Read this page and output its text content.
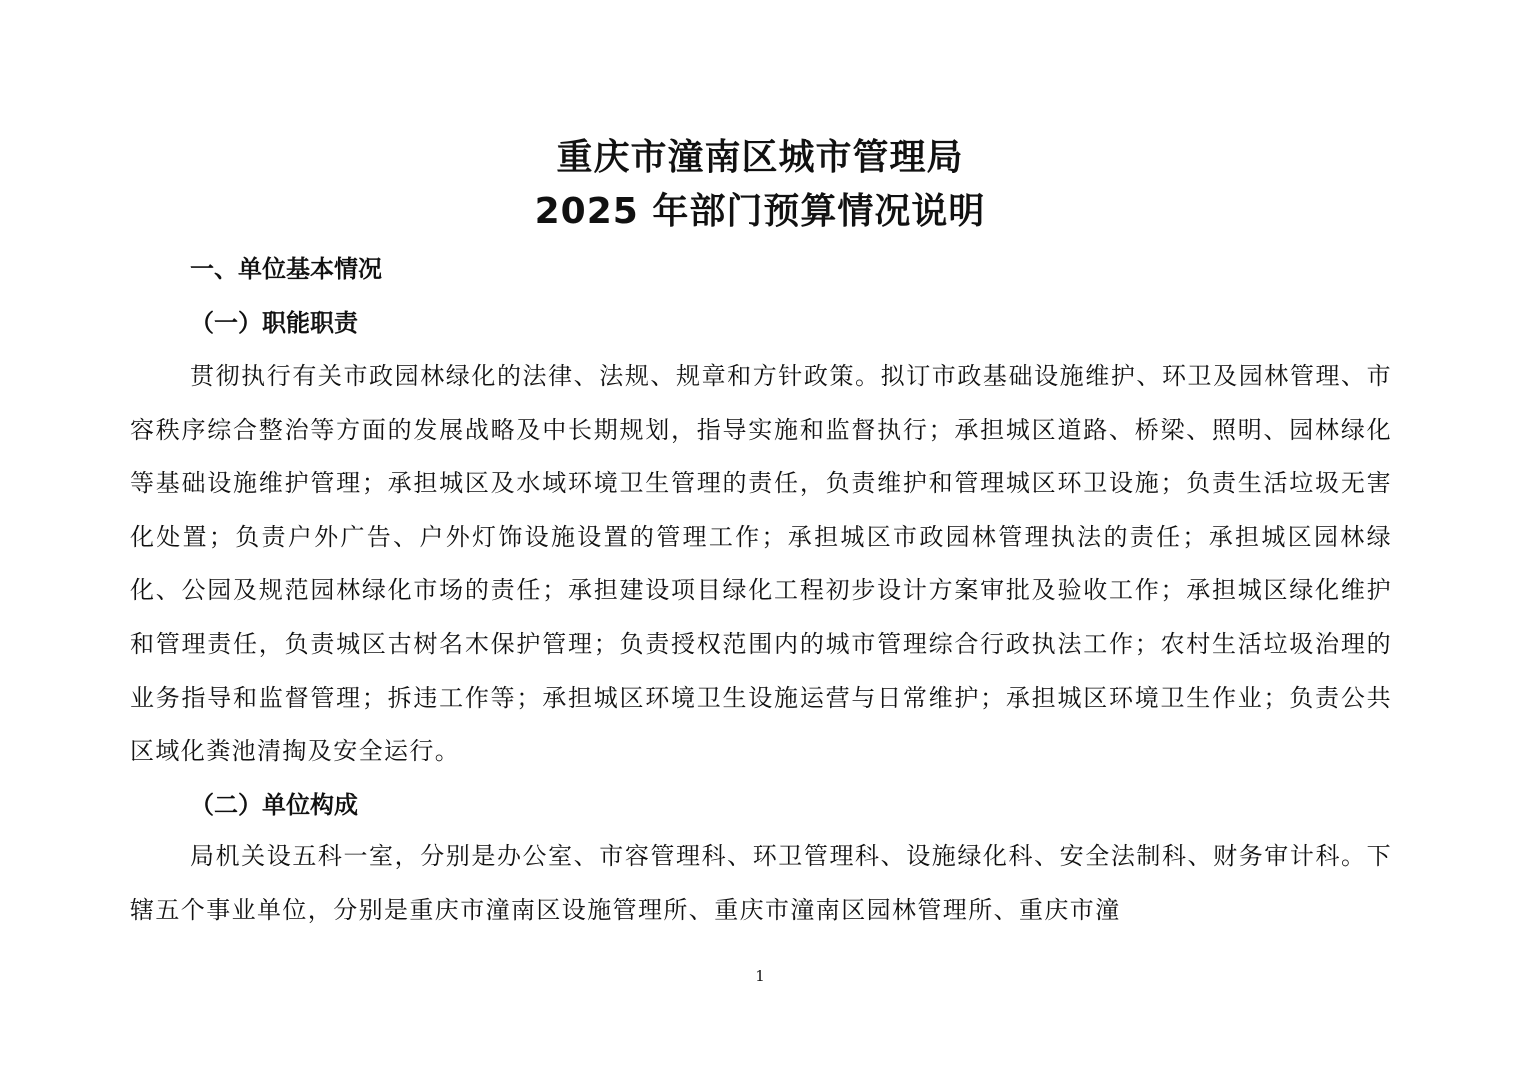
重庆市潼南区城市管理局
2025 年部门预算情况说明
一、单位基本情况
（一）职能职责

贯彻执行有关市政园林绿化的法律、法规、规章和方针政策。拟订市政基础设施维护、环卫及园林管理、市容秩序综合整治等方面的发展战略及中长期规划，指导实施和监督执行；承担城区道路、桥梁、照明、园林绿化等基础设施维护管理；承担城区及水域环境卫生管理的责任，负责维护和管理城区环卫设施；负责生活垃圾无害化处置；负责户外广告、户外灯饰设施设置的管理工作；承担城区市政园林管理执法的责任；承担城区园林绿化、公园及规范园林绿化市场的责任；承担建设项目绿化工程初步设计方案审批及验收工作；承担城区绿化维护和管理责任，负责城区古树名木保护管理；负责授权范围内的城市管理综合行政执法工作；农村生活垃圾治理的业务指导和监督管理；拆违工作等；承担城区环境卫生设施运营与日常维护；承担城区环境卫生作业；负责公共区域化粪池清掏及安全运行。

（二）单位构成

局机关设五科一室，分别是办公室、市容管理科、环卫管理科、设施绿化科、安全法制科、财务审计科。下辖五个事业单位，分别是重庆市潼南区设施管理所、重庆市潼南区园林管理所、重庆市潼

1
